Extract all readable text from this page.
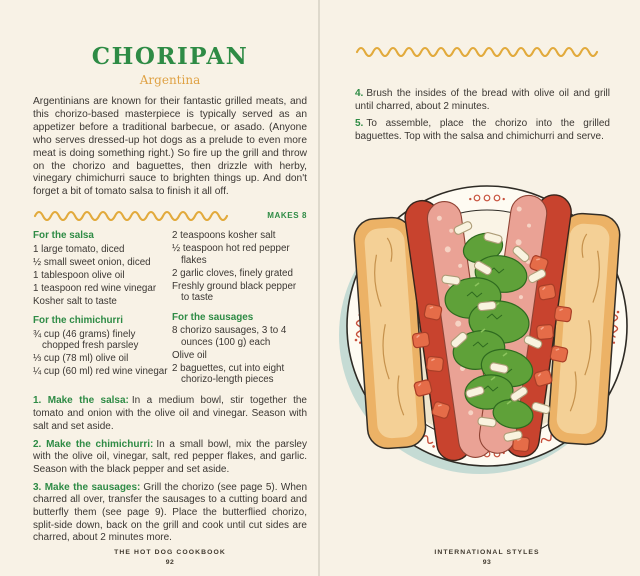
CHORIPAN
Argentina

Argentinians are known for their fantastic grilled meats, and this chorizo-based masterpiece is typically served as an appetizer before a traditional barbecue, or asado. (Anyone who serves dressed-up hot dogs as a prelude to even more meat is doing something right.) So fire up the grill and throw on the chorizo and baguettes, then drizzle with herby, vinegary chimichurri sauce to brighten things up. And don't forget a bit of tomato salsa to finish it all off.

MAKES 8
For the salsa
1 large tomato, diced
½ small sweet onion, diced
1 tablespoon olive oil
1 teaspoon red wine vinegar
Kosher salt to taste
For the chimichurri
¾ cup (46 grams) finely chopped fresh parsley
⅓ cup (78 ml) olive oil
¼ cup (60 ml) red wine vinegar
2 teaspoons kosher salt
½ teaspoon hot red pepper flakes
2 garlic cloves, finely grated
Freshly ground black pepper to taste
For the sausages
8 chorizo sausages, 3 to 4 ounces (100 g) each
Olive oil
2 baguettes, cut into eight chorizo-length pieces

1. Make the salsa: In a medium bowl, stir together the tomato and onion with the olive oil and vinegar. Season with salt and set aside.

2. Make the chimichurri: In a small bowl, mix the parsley with the olive oil, vinegar, salt, red pepper flakes, and garlic. Season with the black pepper and set aside.

3. Make the sausages: Grill the chorizo (see page 5). When charred all over, transfer the sausages to a cutting board and butterfly them (see page 9). Place the butterflied chorizo, split-side down, back on the grill and cook until cut sides are charred, about 2 minutes more.

4. Brush the insides of the bread with olive oil and grill until charred, about 2 minutes.

5. To assemble, place the chorizo into the grilled baguettes. Top with the salsa and chimichurri and serve.

THE HOT DOG COOKBOOK
92
INTERNATIONAL STYLES
93
